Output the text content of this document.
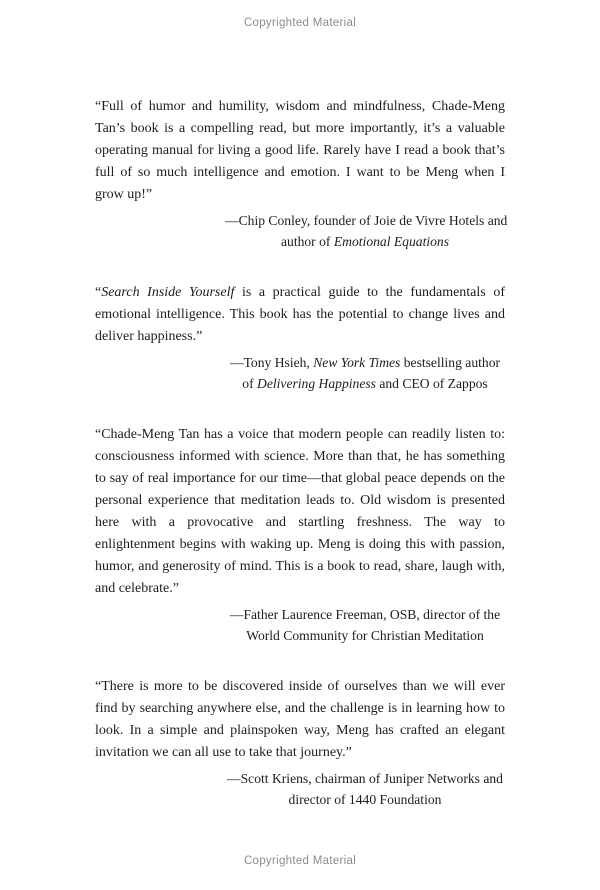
Copyrighted Material

“Full of humor and humility, wisdom and mindfulness, Chade-Meng Tan’s book is a compelling read, but more importantly, it’s a valuable operating manual for living a good life. Rarely have I read a book that’s full of so much intelligence and emotion. I want to be Meng when I grow up!”

—Chip Conley, founder of Joie de Vivre Hotels and
author of Emotional Equations

“Search Inside Yourself is a practical guide to the fundamentals of emotional intelligence. This book has the potential to change lives and deliver happiness.”

—Tony Hsieh, New York Times bestselling author
of Delivering Happiness and CEO of Zappos

“Chade-Meng Tan has a voice that modern people can readily listen to: consciousness informed with science. More than that, he has something to say of real importance for our time—that global peace depends on the personal experience that meditation leads to. Old wisdom is presented here with a provocative and startling freshness. The way to enlightenment begins with waking up. Meng is doing this with passion, humor, and generosity of mind. This is a book to read, share, laugh with, and celebrate.”

—Father Laurence Freeman, OSB, director of the
World Community for Christian Meditation

“There is more to be discovered inside of ourselves than we will ever find by searching anywhere else, and the challenge is in learning how to look. In a simple and plainspoken way, Meng has crafted an elegant invitation we can all use to take that journey.”

—Scott Kriens, chairman of Juniper Networks and
director of 1440 Foundation
Copyrighted Material
